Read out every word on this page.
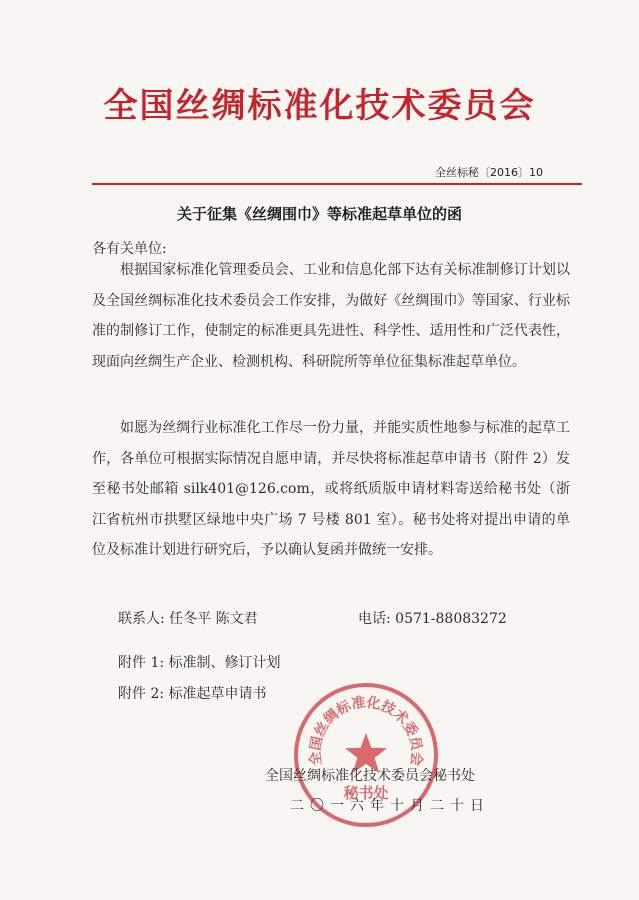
全国丝绸标准化技术委员会
全丝标秘〔2016〕10
关于征集《丝绸围巾》等标准起草单位的函
各有关单位:
根据国家标准化管理委员会、工业和信息化部下达有关标准制修订计划以及全国丝绸标准化技术委员会工作安排，为做好《丝绸围巾》等国家、行业标准的制修订工作，使制定的标准更具先进性、科学性、适用性和广泛代表性，现面向丝绸生产企业、检测机构、科研院所等单位征集标准起草单位。
如愿为丝绸行业标准化工作尽一份力量，并能实质性地参与标准的起草工作，各单位可根据实际情况自愿申请，并尽快将标准起草申请书（附件 2）发至秘书处邮箱 silk401@126.com，或将纸质版申请材料寄送给秘书处（浙江省杭州市拱墅区绿地中央广场 7 号楼 801 室）。秘书处将对提出申请的单位及标准计划进行研究后，予以确认复函并做统一安排。
联系人: 任冬平 陈文君	电话: 0571-88083272
附件 1: 标准制、修订计划
附件 2: 标准起草申请书
全国丝绸标准化技术委员会
秘书处
全国丝绸标准化技术委员会秘书处
二〇一六年十月二十日
